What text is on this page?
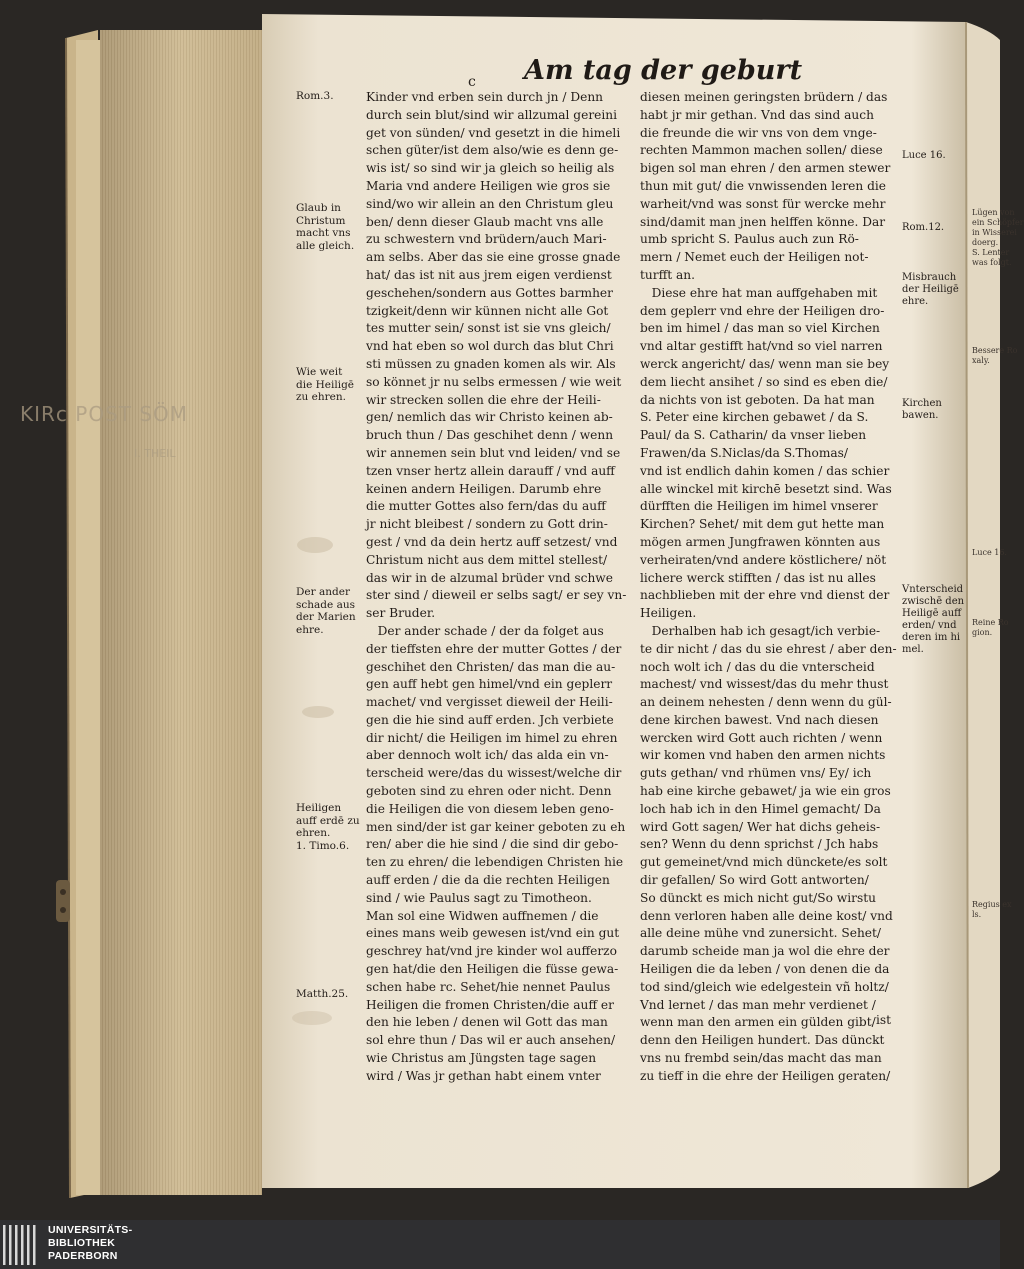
KIRᴄ POST SÖM

I. THEIL

Am tag der geburt

c

Rom.3.

Glaub in
Christum
macht vns
alle gleich.

Wie weit
die Heiligē
zu ehren.

Der ander
schade aus
der Marien
ehre.

Heiligen
auff erdē zu
ehren.
1. Timo.6.

Matth.25.

Kinder vnd erben sein durch jn / Denn
durch sein blut/sind wir allzumal gereini
get von sünden/ vnd gesetzt in die himeli
schen güter/ist dem also/wie es denn ge-
wis ist/ so sind wir ja gleich so heilig als
Maria vnd andere Heiligen wie gros sie
sind/wo wir allein an den Christum gleu
ben/ denn dieser Glaub macht vns alle
zu schwestern vnd brüdern/auch Mari-
am selbs. Aber das sie eine grosse gnade
hat/ das ist nit aus jrem eigen verdienst
geschehen/sondern aus Gottes barmher
tzigkeit/denn wir künnen nicht alle Got
tes mutter sein/ sonst ist sie vns gleich/
vnd hat eben so wol durch das blut Chri
sti müssen zu gnaden komen als wir. Als
so könnet jr nu selbs ermessen / wie weit
wir strecken sollen die ehre der Heili-
gen/ nemlich das wir Christo keinen ab-
bruch thun / Das geschihet denn / wenn
wir annemen sein blut vnd leiden/ vnd se
tzen vnser hertz allein darauff / vnd auff
keinen andern Heiligen. Darumb ehre
die mutter Gottes also fern/das du auff
jr nicht bleibest / sondern zu Gott drin-
gest / vnd da dein hertz auff setzest/ vnd
Christum nicht aus dem mittel stellest/
das wir in de alzumal brüder vnd schwe
ster sind / dieweil er selbs sagt/ er sey vn-
ser Bruder.
Der ander schade / der da folget aus
der tieffsten ehre der mutter Gottes / der
geschihet den Christen/ das man die au-
gen auff hebt gen himel/vnd ein geplerr
machet/ vnd vergisset dieweil der Heili-
gen die hie sind auff erden. Jch verbiete
dir nicht/ die Heiligen im himel zu ehren
aber dennoch wolt ich/ das alda ein vn-
terscheid were/das du wissest/welche dir
geboten sind zu ehren oder nicht. Denn
die Heiligen die von diesem leben geno-
men sind/der ist gar keiner geboten zu eh
ren/ aber die hie sind / die sind dir gebo-
ten zu ehren/ die lebendigen Christen hie
auff erden / die da die rechten Heiligen
sind / wie Paulus sagt zu Timotheon.
Man sol eine Widwen auffnemen / die
eines mans weib gewesen ist/vnd ein gut
geschrey hat/vnd jre kinder wol aufferzo
gen hat/die den Heiligen die füsse gewa-
schen habe rc. Sehet/hie nennet Paulus
Heiligen die fromen Christen/die auff er
den hie leben / denen wil Gott das man
sol ehre thun / Das wil er auch ansehen/
wie Christus am Jüngsten tage sagen
wird / Was jr gethan habt einem vnter
diesen meinen geringsten brüdern / das
habt jr mir gethan. Vnd das sind auch
die freunde die wir vns von dem vnge-
rechten Mammon machen sollen/ diese
bigen sol man ehren / den armen stewer
thun mit gut/ die vnwissenden leren die
warheit/vnd was sonst für wercke mehr
sind/damit man jnen helffen könne. Dar
umb spricht S. Paulus auch zun Rö-
mern / Nemet euch der Heiligen not-
turfft an.
Diese ehre hat man auffgehaben mit
dem geplerr vnd ehre der Heiligen dro-
ben im himel / das man so viel Kirchen
vnd altar gestifft hat/vnd so viel narren
werck angericht/ das/ wenn man sie bey
dem liecht ansihet / so sind es eben die/
da nichts von ist geboten. Da hat man
S. Peter eine kirchen gebawet / da S.
Paul/ da S. Catharin/ da vnser lieben
Frawen/da S.Niclas/da S.Thomas/
vnd ist endlich dahin komen / das schier
alle winckel mit kirchē besetzt sind. Was
dürfften die Heiligen im himel vnserer
Kirchen? Sehet/ mit dem gut hette man
mögen armen Jungfrawen könnten aus
verheiraten/vnd andere köstlichere/ nöt
lichere werck stifften / das ist nu alles
nachblieben mit der ehre vnd dienst der
Heiligen.
Derhalben hab ich gesagt/ich verbie-
te dir nicht / das du sie ehrest / aber den-
noch wolt ich / das du die vnterscheid
machest/ vnd wissest/das du mehr thust
an deinem nehesten / denn wenn du gül-
dene kirchen bawest. Vnd nach diesen
wercken wird Gott auch richten / wenn
wir komen vnd haben den armen nichts
guts gethan/ vnd rhümen vns/ Ey/ ich
hab eine kirche gebawet/ ja wie ein gros
loch hab ich in den Himel gemacht/ Da
wird Gott sagen/ Wer hat dichs geheis-
sen? Wenn du denn sprichst / Jch habs
gut gemeinet/vnd mich dünckete/es solt
dir gefallen/ So wird Gott antworten/
So dünckt es mich nicht gut/So wirstu
denn verloren haben alle deine kost/ vnd
alle deine mühe vnd zunersicht. Sehet/
darumb scheide man ja wol die ehre der
Heiligen die da leben / von denen die da
tod sind/gleich wie edelgestein vñ holtz/
Vnd lernet / das man mehr verdienet /
wenn man den armen ein gülden gibt/
denn den Heiligen hundert. Das dünckt
vns nu frembd sein/das macht das man
zu tieff in die ehre der Heiligen geraten/

ist

Luce 16.

Rom.12.

Misbrauch
der Heiligē
ehre.

Kirchen
bawen.

Vnterscheid
zwischē den
Heiligē auff
erden/ vnd
deren im hi
mel.

Lügen von
ein Schöpfer
in Wisserei
doerg.
S. Lenter
was folgt.

Bessere Ro
xaly.

Luce 16.

Reine Ro
gion.

Regius ex
ls.

UNIVERSITÄTS-
BIBLIOTHEK
PADERBORN
